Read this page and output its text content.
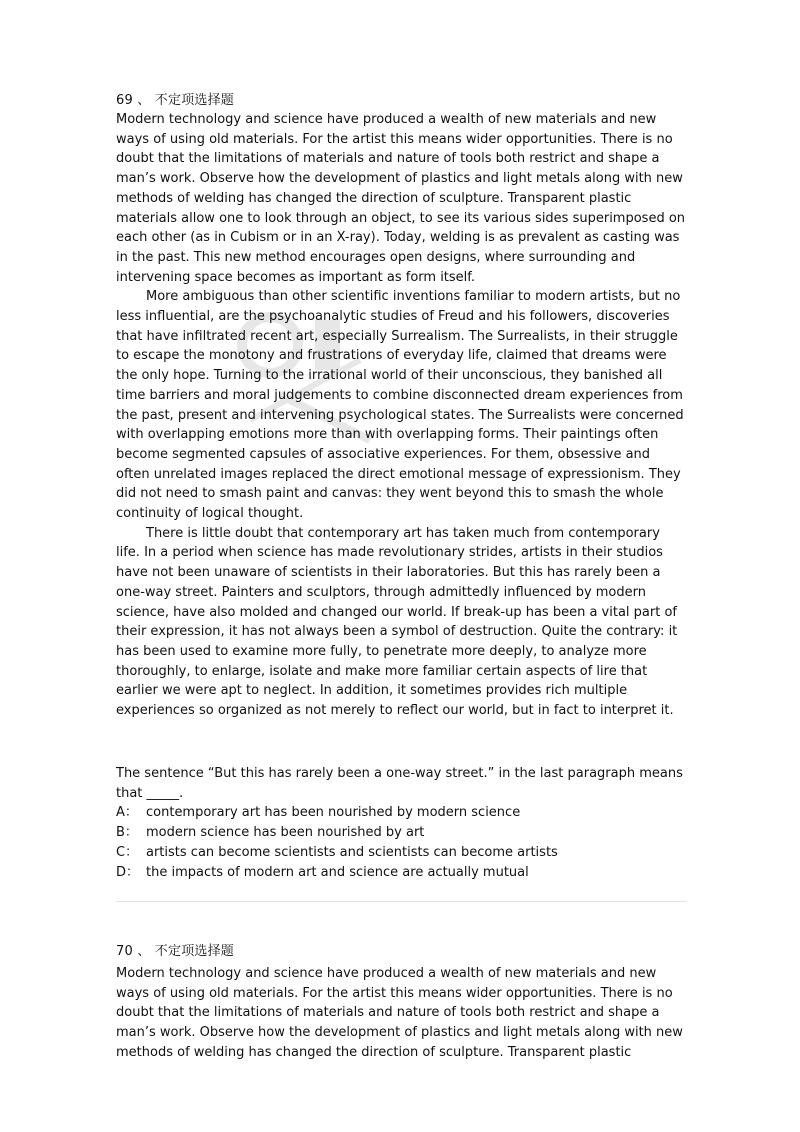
69 、 不定项选择题

Modern technology and science have produced a wealth of new materials and new ways of using old materials. For the artist this means wider opportunities. There is no doubt that the limitations of materials and nature of tools both restrict and shape a man’s work. Observe how the development of plastics and light metals along with new methods of welding has changed the direction of sculpture. Transparent plastic materials allow one to look through an object, to see its various sides superimposed on each other (as in Cubism or in an X-ray). Today, welding is as prevalent as casting was in the past. This new method encourages open designs, where surrounding and intervening space becomes as important as form itself.

More ambiguous than other scientific inventions familiar to modern artists, but no less influential, are the psychoanalytic studies of Freud and his followers, discoveries that have infiltrated recent art, especially Surrealism. The Surrealists, in their struggle to escape the monotony and frustrations of everyday life, claimed that dreams were the only hope. Turning to the irrational world of their unconscious, they banished all time barriers and moral judgements to combine disconnected dream experiences from the past, present and intervening psychological states. The Surrealists were concerned with overlapping emotions more than with overlapping forms. Their paintings often become segmented capsules of associative experiences. For them, obsessive and often unrelated images replaced the direct emotional message of expressionism. They did not need to smash paint and canvas: they went beyond this to smash the whole continuity of logical thought.

There is little doubt that contemporary art has taken much from contemporary life. In a period when science has made revolutionary strides, artists in their studios have not been unaware of scientists in their laboratories. But this has rarely been a one-way street. Painters and sculptors, through admittedly influenced by modern science, have also molded and changed our world. If break-up has been a vital part of their expression, it has not always been a symbol of destruction. Quite the contrary: it has been used to examine more fully, to penetrate more deeply, to analyze more thoroughly, to enlarge, isolate and make more familiar certain aspects of lire that earlier we were apt to neglect. In addition, it sometimes provides rich multiple experiences so organized as not merely to reflect our world, but in fact to interpret it.

The sentence “But this has rarely been a one-way street.” in the last paragraph means that _____.
A： contemporary art has been nourished by modern science
B： modern science has been nourished by art
C： artists can become scientists and scientists can become artists
D： the impacts of modern art and science are actually mutual
70 、 不定项选择题

Modern technology and science have produced a wealth of new materials and new ways of using old materials. For the artist this means wider opportunities. There is no doubt that the limitations of materials and nature of tools both restrict and shape a man’s work. Observe how the development of plastics and light metals along with new methods of welding has changed the direction of sculpture. Transparent plastic
